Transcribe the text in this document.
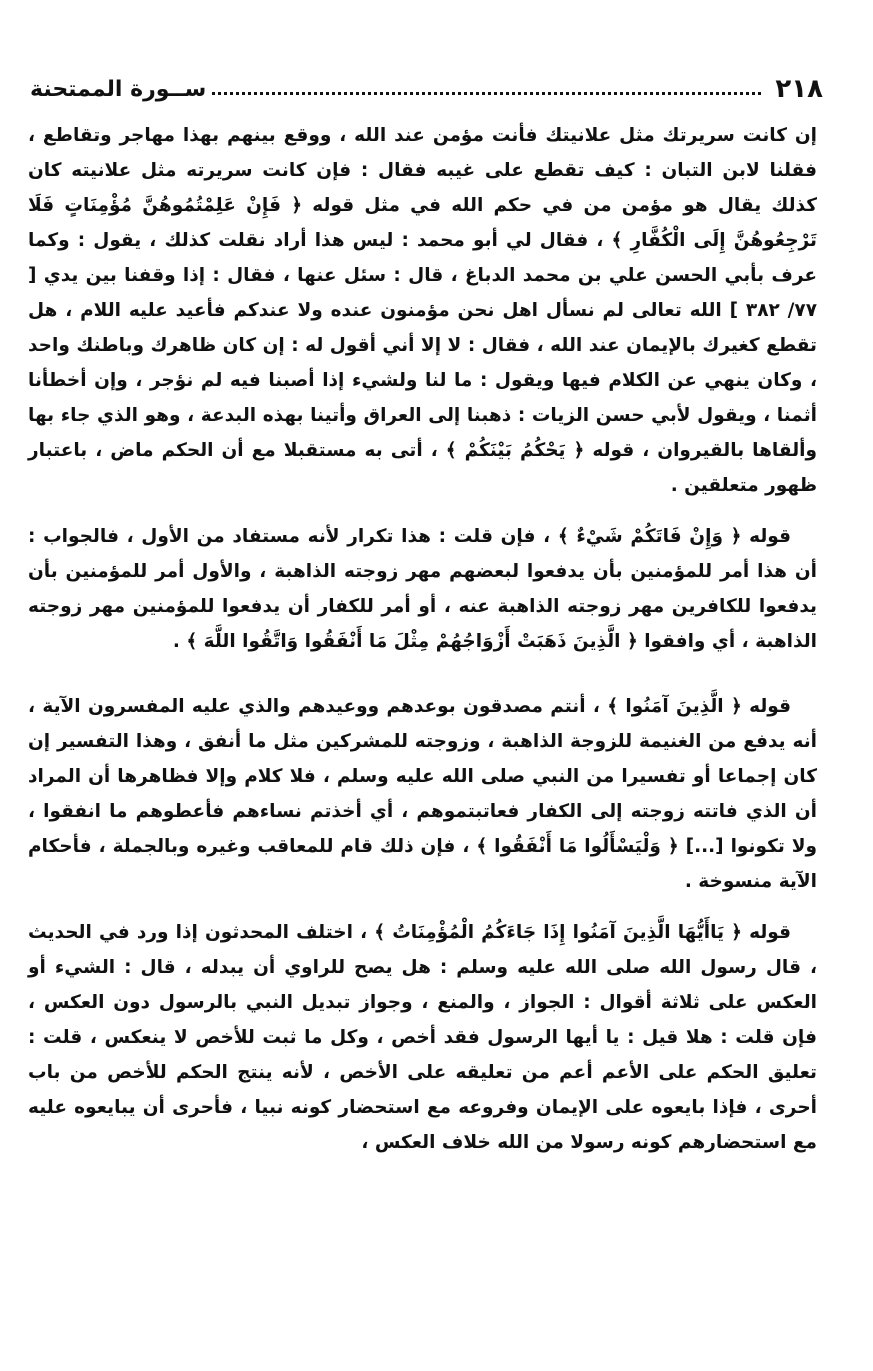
٢١٨
ســورة الممتحنة

إن كانت سريرتك مثل علانيتك فأنت مؤمن عند الله ، ووقع بينهم بهذا مهاجر وتقاطع ، فقلنا لابن التبان : كيف تقطع على غيبه فقال : فإن كانت سريرته مثل علانيته كان كذلك يقال هو مؤمن من في حكم الله في مثل قوله ﴿ فَإِنْ عَلِمْتُمُوهُنَّ مُؤْمِنَاتٍ فَلَا تَرْجِعُوهُنَّ إِلَى الْكُفَّارِ ﴾ ، فقال لي أبو محمد : ليس هذا أراد نقلت كذلك ، يقول : وكما عرف بأبي الحسن علي بن محمد الدباغ ، قال : سئل عنها ، فقال : إذا وقفنا بين يدي [ ٧٧/ ٣٨٢ ] الله تعالى لم نسأل اهل نحن مؤمنون عنده ولا عندكم فأعيد عليه اللام ، هل تقطع كغيرك بالإيمان عند الله ، فقال : لا إلا أني أقول له : إن كان ظاهرك وباطنك واحد ، وكان ينهي عن الكلام فيها ويقول : ما لنا ولشيء إذا أصبنا فيه لم نؤجر ، وإن أخطأنا أثمنا ، ويقول لأبي حسن الزيات : ذهبنا إلى العراق وأتينا بهذه البدعة ، وهو الذي جاء بها وألقاها بالقيروان ، قوله ﴿ يَحْكُمُ بَيْنَكُمْ ﴾ ، أتى به مستقبلا مع أن الحكم ماض ، باعتبار ظهور متعلقين .

قوله ﴿ وَإِنْ فَاتَكُمْ شَيْءٌ ﴾ ، فإن قلت : هذا تكرار لأنه مستفاد من الأول ، فالجواب : أن هذا أمر للمؤمنين بأن يدفعوا لبعضهم مهر زوجته الذاهبة ، والأول أمر للمؤمنين بأن يدفعوا للكافرين مهر زوجته الذاهبة عنه ، أو أمر للكفار أن يدفعوا للمؤمنين مهر زوجته الذاهبة ، أي وافقوا ﴿ الَّذِينَ ذَهَبَتْ أَزْوَاجُهُمْ مِثْلَ مَا أَنْفَقُوا وَاتَّقُوا اللَّهَ ﴾ .

قوله ﴿ الَّذِينَ آمَنُوا ﴾ ، أنتم مصدقون بوعدهم ووعيدهم والذي عليه المفسرون الآية ، أنه يدفع من الغنيمة للزوجة الذاهبة ، وزوجته للمشركين مثل ما أنفق ، وهذا التفسير إن كان إجماعا أو تفسيرا من النبي صلى الله عليه وسلم ، فلا كلام وإلا فظاهرها أن المراد أن الذي فاتته زوجته إلى الكفار فعاتبتموهم ، أي أخذتم نساءهم فأعطوهم ما انفقوا ، ولا تكونوا [...] ﴿ وَلْيَسْأَلُوا مَا أَنْفَقُوا ﴾ ، فإن ذلك قام للمعاقب وغيره وبالجملة ، فأحكام الآية منسوخة .

قوله ﴿ يَاأَيُّهَا الَّذِينَ آمَنُوا إِذَا جَاءَكُمُ الْمُؤْمِنَاتُ ﴾ ، اختلف المحدثون إذا ورد في الحديث ، قال رسول الله صلى الله عليه وسلم : هل يصح للراوي أن يبدله ، قال : الشيء أو العكس على ثلاثة أقوال : الجواز ، والمنع ، وجواز تبديل النبي بالرسول دون العكس ، فإن قلت : هلا قيل : يا أيها الرسول فقد أخص ، وكل ما ثبت للأخص لا ينعكس ، قلت : تعليق الحكم على الأعم أعم من تعليقه على الأخص ، لأنه ينتج الحكم للأخص من باب أحرى ، فإذا بايعوه على الإيمان وفروعه مع استحضار كونه نبيا ، فأحرى أن يبايعوه عليه مع استحضارهم كونه رسولا من الله خلاف العكس ،
